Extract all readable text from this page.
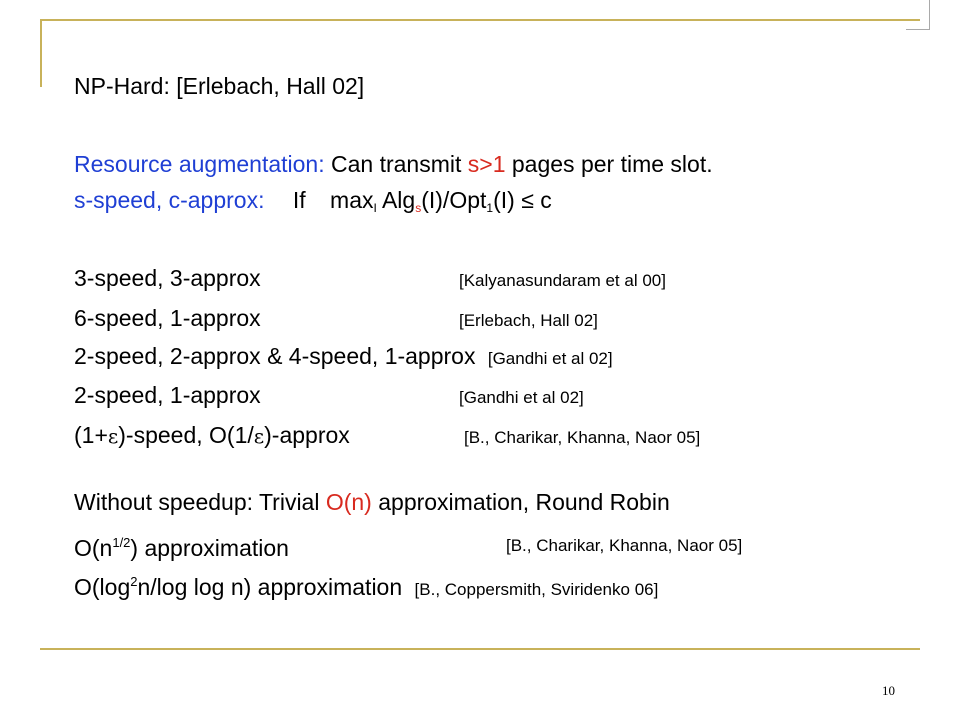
NP-Hard: [Erlebach, Hall 02]
Resource augmentation: Can transmit s>1 pages per time slot.
s-speed, c-approx: If $\max_I Alg_s(I)/Opt_1(I) \le c$
3-speed, 3-approx	[Kalyanasundaram et al 00]
6-speed, 1-approx	[Erlebach, Hall 02]
2-speed, 2-approx & 4-speed, 1-approx [Gandhi et al 02]
2-speed, 1-approx	[Gandhi et al 02]
(1+ε)-speed, O(1/ε)-approx	[B., Charikar, Khanna, Naor 05]
Without speedup: Trivial O(n) approximation, Round Robin
$O(n^{1/2})$ approximation	[B., Charikar, Khanna, Naor 05]
$O(\log^2n/\log$ log n) approximation [B., Coppersmith, Sviridenko 06]
10
